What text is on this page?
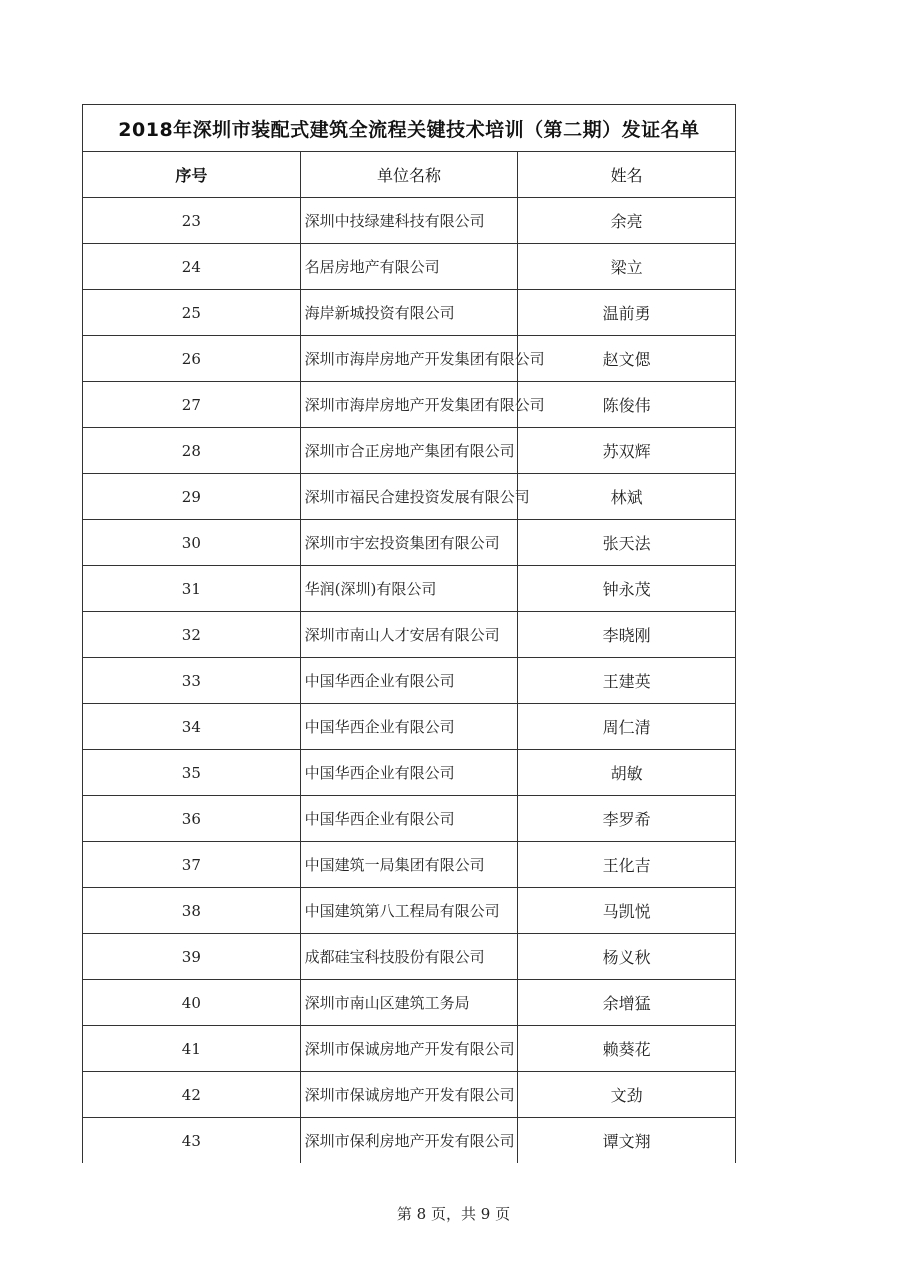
2018年深圳市装配式建筑全流程关键技术培训（第二期）发证名单		
序号	单位名称	姓名
23	深圳中技绿建科技有限公司	余亮
24	名居房地产有限公司	梁立
25	海岸新城投资有限公司	温前勇
26	深圳市海岸房地产开发集团有限公司	赵文偲
27	深圳市海岸房地产开发集团有限公司	陈俊伟
28	深圳市合正房地产集团有限公司	苏双辉
29	深圳市福民合建投资发展有限公司	林斌
30	深圳市宇宏投资集团有限公司	张天法
31	华润(深圳)有限公司	钟永茂
32	深圳市南山人才安居有限公司	李晓刚
33	中国华西企业有限公司	王建英
34	中国华西企业有限公司	周仁清
35	中国华西企业有限公司	胡敏
36	中国华西企业有限公司	李罗希
37	中国建筑一局集团有限公司	王化吉
38	中国建筑第八工程局有限公司	马凯悦
39	成都硅宝科技股份有限公司	杨义秋
40	深圳市南山区建筑工务局	余增猛
41	深圳市保诚房地产开发有限公司	赖葵花
42	深圳市保诚房地产开发有限公司	文劲
43	深圳市保利房地产开发有限公司	谭文翔
第 8 页，共 9 页
